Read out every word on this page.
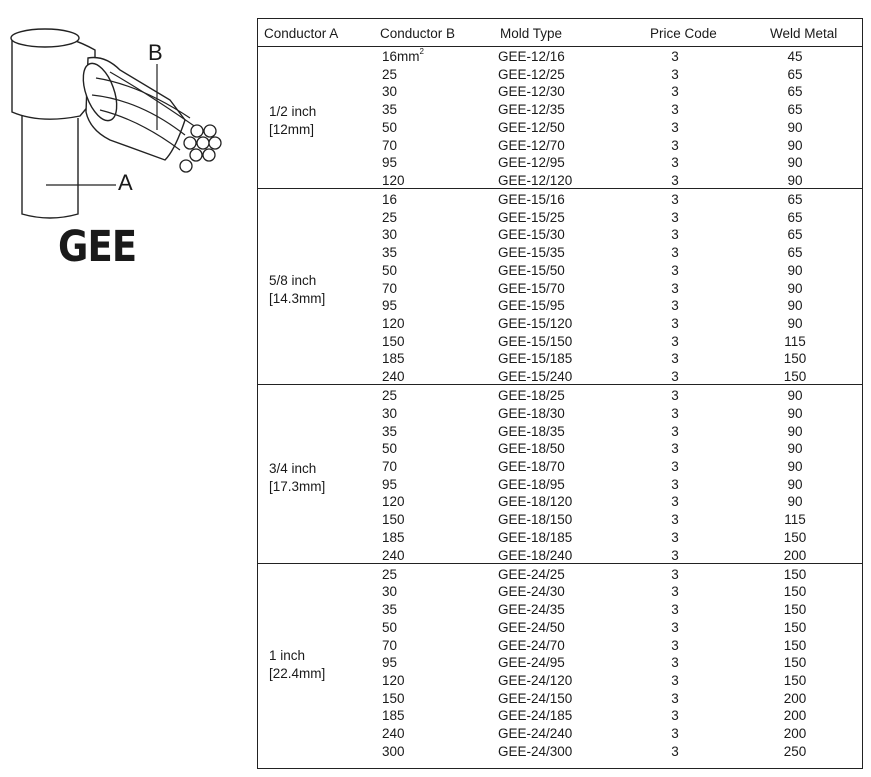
A
B
GEE
Conductor A	Conductor B	Mold Type	Price Code	Weld Metal
1/2 inch
[12mm]
$16mm^2$	GEE-12/16	3	45
25	GEE-12/25	3	65
30	GEE-12/30	3	65
35	GEE-12/35	3	65
50	GEE-12/50	3	90
70	GEE-12/70	3	90
95	GEE-12/95	3	90
120	GEE-12/120	3	90
5/8 inch
[14.3mm]
16	GEE-15/16	3	65
25	GEE-15/25	3	65
30	GEE-15/30	3	65
35	GEE-15/35	3	65
50	GEE-15/50	3	90
70	GEE-15/70	3	90
95	GEE-15/95	3	90
120	GEE-15/120	3	90
150	GEE-15/150	3	115
185	GEE-15/185	3	150
240	GEE-15/240	3	150
3/4 inch
[17.3mm]
25	GEE-18/25	3	90
30	GEE-18/30	3	90
35	GEE-18/35	3	90
50	GEE-18/50	3	90
70	GEE-18/70	3	90
95	GEE-18/95	3	90
120	GEE-18/120	3	90
150	GEE-18/150	3	115
185	GEE-18/185	3	150
240	GEE-18/240	3	200
1 inch
[22.4mm]
25	GEE-24/25	3	150
30	GEE-24/30	3	150
35	GEE-24/35	3	150
50	GEE-24/50	3	150
70	GEE-24/70	3	150
95	GEE-24/95	3	150
120	GEE-24/120	3	150
150	GEE-24/150	3	200
185	GEE-24/185	3	200
240	GEE-24/240	3	200
300	GEE-24/300	3	250
